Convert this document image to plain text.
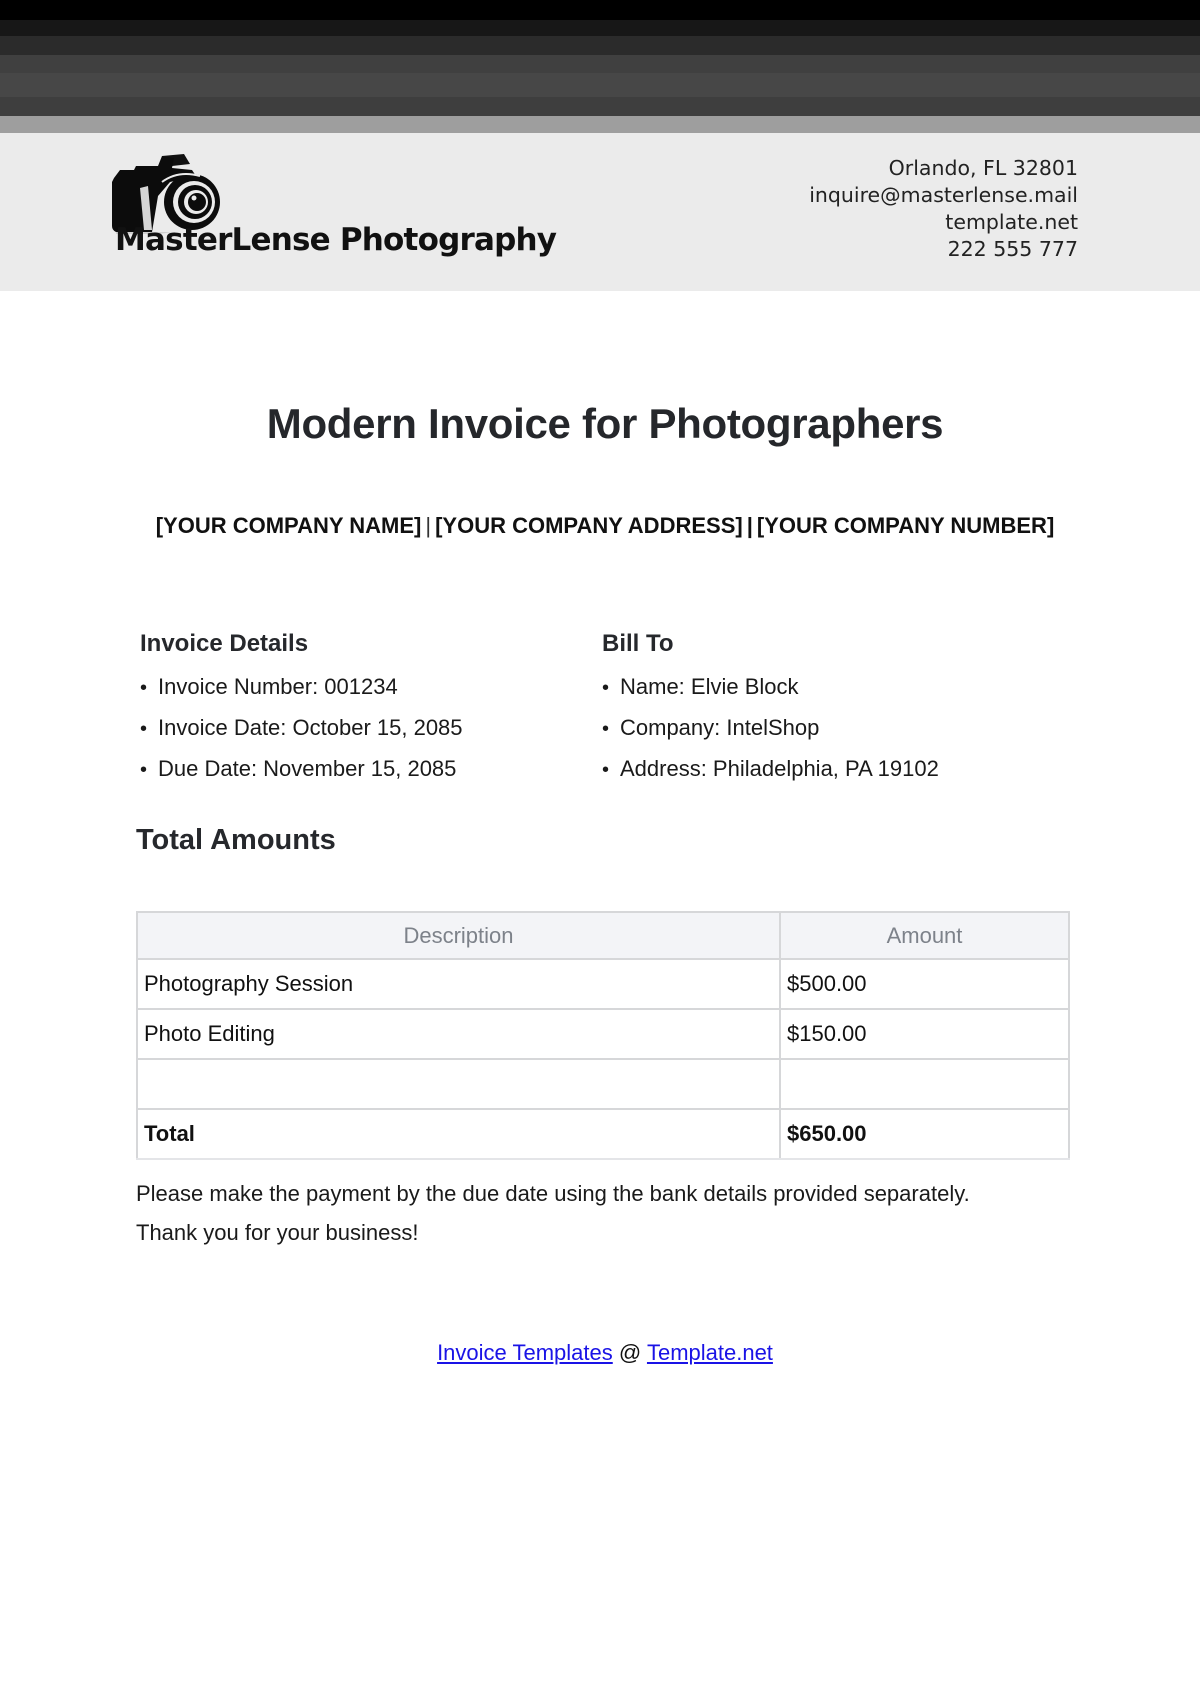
MasterLense Photography
Orlando, FL 32801
inquire@masterlense.mail
template.net
222 555 777
Modern Invoice for Photographers
[YOUR COMPANY NAME] | [YOUR COMPANY ADDRESS] | [YOUR COMPANY NUMBER]
Invoice Details
• Invoice Number: 001234
• Invoice Date: October 15, 2085
• Due Date: November 15, 2085
Bill To
• Name: Elvie Block
• Company: IntelShop
• Address: Philadelphia, PA 19102
Total Amounts
Description	Amount
Photography Session	$500.00
Photo Editing	$150.00

Total	$650.00
Please make the payment by the due date using the bank details provided separately.
Thank you for your business!
Invoice Templates @ Template.net
